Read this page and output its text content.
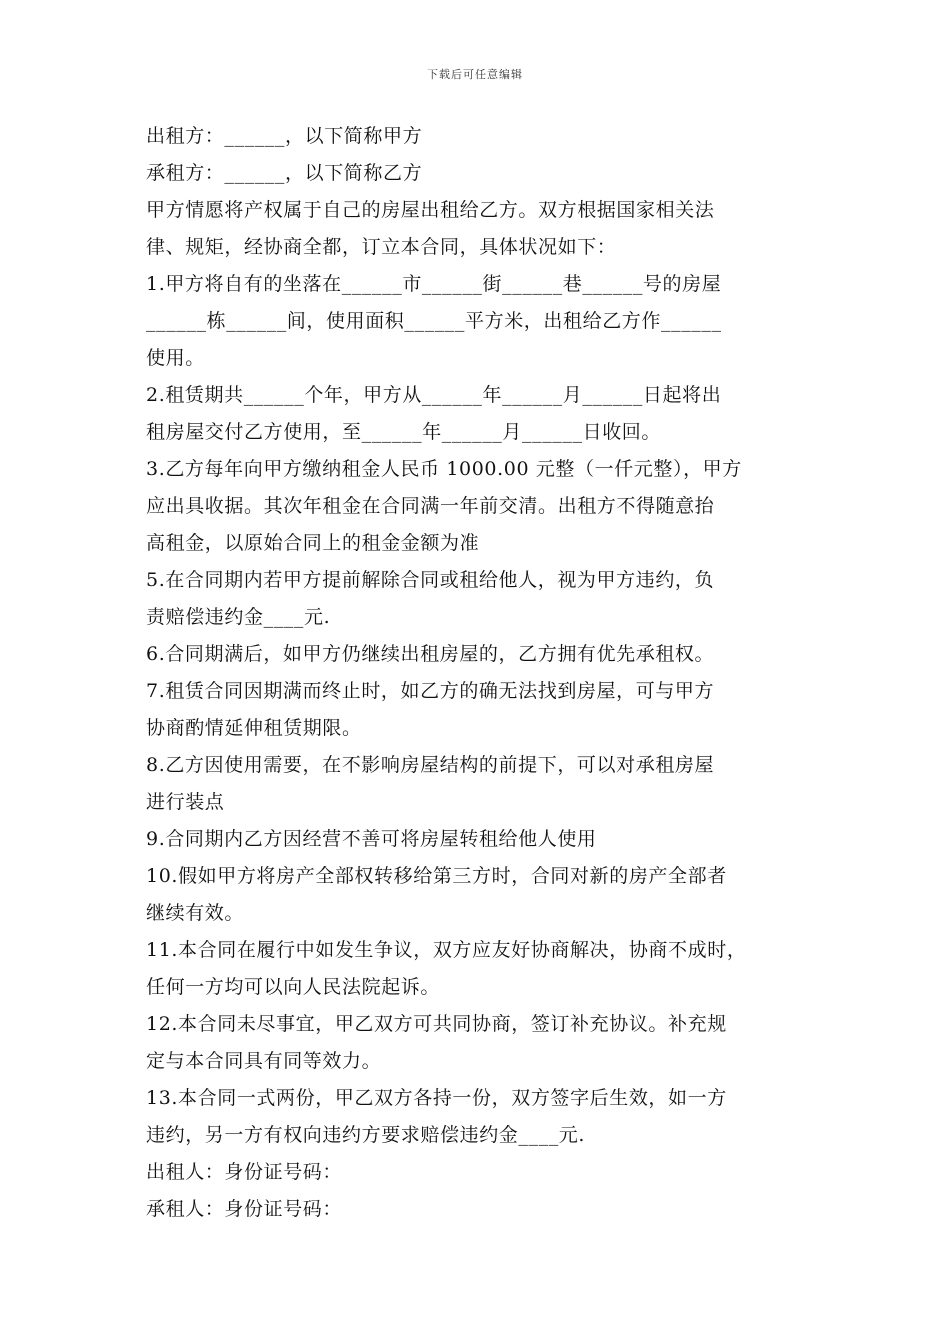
下载后可任意编辑
出租方：______，以下简称甲方
承租方：______，以下简称乙方
甲方情愿将产权属于自己的房屋出租给乙方。双方根据国家相关法
律、规矩，经协商全都，订立本合同，具体状况如下：
1.甲方将自有的坐落在______市______街______巷______号的房屋
______栋______间，使用面积______平方米，出租给乙方作______
使用。
2.租赁期共______个年，甲方从______年______月______日起将出
租房屋交付乙方使用，至______年______月______日收回。
3.乙方每年向甲方缴纳租金人民币 1000.00 元整（一仟元整），甲方
应出具收据。其次年租金在合同满一年前交清。出租方不得随意抬
高租金，以原始合同上的租金金额为准
5.在合同期内若甲方提前解除合同或租给他人，视为甲方违约，负
责赔偿违约金____元.
6.合同期满后，如甲方仍继续出租房屋的，乙方拥有优先承租权。
7.租赁合同因期满而终止时，如乙方的确无法找到房屋，可与甲方
协商酌情延伸租赁期限。
8.乙方因使用需要，在不影响房屋结构的前提下，可以对承租房屋
进行装点
9.合同期内乙方因经营不善可将房屋转租给他人使用
10.假如甲方将房产全部权转移给第三方时，合同对新的房产全部者
继续有效。
11.本合同在履行中如发生争议，双方应友好协商解决，协商不成时，
任何一方均可以向人民法院起诉。
12.本合同未尽事宜，甲乙双方可共同协商，签订补充协议。补充规
定与本合同具有同等效力。
13.本合同一式两份，甲乙双方各持一份，双方签字后生效，如一方
违约，另一方有权向违约方要求赔偿违约金____元.
出租人：身份证号码：
承租人：身份证号码：
